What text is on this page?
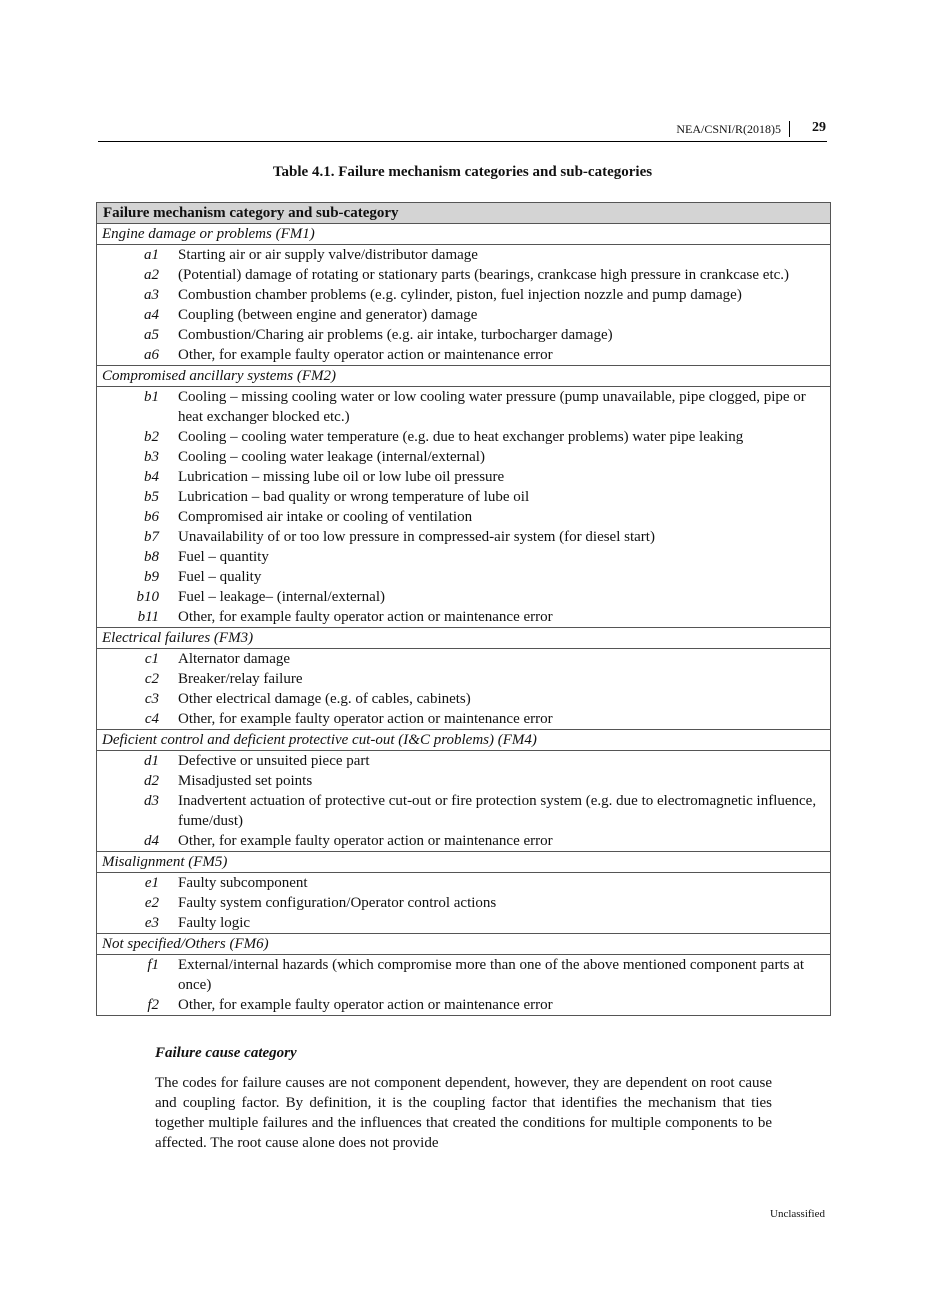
NEA/CSNI/R(2018)5 29
Table 4.1. Failure mechanism categories and sub-categories
Failure mechanism category and sub-category
Engine damage or problems (FM1)
a1 Starting air or air supply valve/distributor damage
a2 (Potential) damage of rotating or stationary parts (bearings, crankcase high pressure in crankcase etc.)
a3 Combustion chamber problems (e.g. cylinder, piston, fuel injection nozzle and pump damage)
a4 Coupling (between engine and generator) damage
a5 Combustion/Charing air problems (e.g. air intake, turbocharger damage)
a6 Other, for example faulty operator action or maintenance error
Compromised ancillary systems (FM2)
b1 Cooling – missing cooling water or low cooling water pressure (pump unavailable, pipe clogged, pipe or heat exchanger blocked etc.)
b2 Cooling – cooling water temperature (e.g. due to heat exchanger problems) water pipe leaking
b3 Cooling – cooling water leakage (internal/external)
b4 Lubrication – missing lube oil or low lube oil pressure
b5 Lubrication – bad quality or wrong temperature of lube oil
b6 Compromised air intake or cooling of ventilation
b7 Unavailability of or too low pressure in compressed-air system (for diesel start)
b8 Fuel – quantity
b9 Fuel – quality
b10 Fuel – leakage– (internal/external)
b11 Other, for example faulty operator action or maintenance error
Electrical failures (FM3)
c1 Alternator damage
c2 Breaker/relay failure
c3 Other electrical damage (e.g. of cables, cabinets)
c4 Other, for example faulty operator action or maintenance error
Deficient control and deficient protective cut-out (I&C problems) (FM4)
d1 Defective or unsuited piece part
d2 Misadjusted set points
d3 Inadvertent actuation of protective cut-out or fire protection system (e.g. due to electromagnetic influence, fume/dust)
d4 Other, for example faulty operator action or maintenance error
Misalignment (FM5)
e1 Faulty subcomponent
e2 Faulty system configuration/Operator control actions
e3 Faulty logic
Not specified/Others (FM6)
f1 External/internal hazards (which compromise more than one of the above mentioned component parts at once)
f2 Other, for example faulty operator action or maintenance error
Failure cause category
The codes for failure causes are not component dependent, however, they are dependent on root cause and coupling factor. By definition, it is the coupling factor that identifies the mechanism that ties together multiple failures and the influences that created the conditions for multiple components to be affected. The root cause alone does not provide
Unclassified
